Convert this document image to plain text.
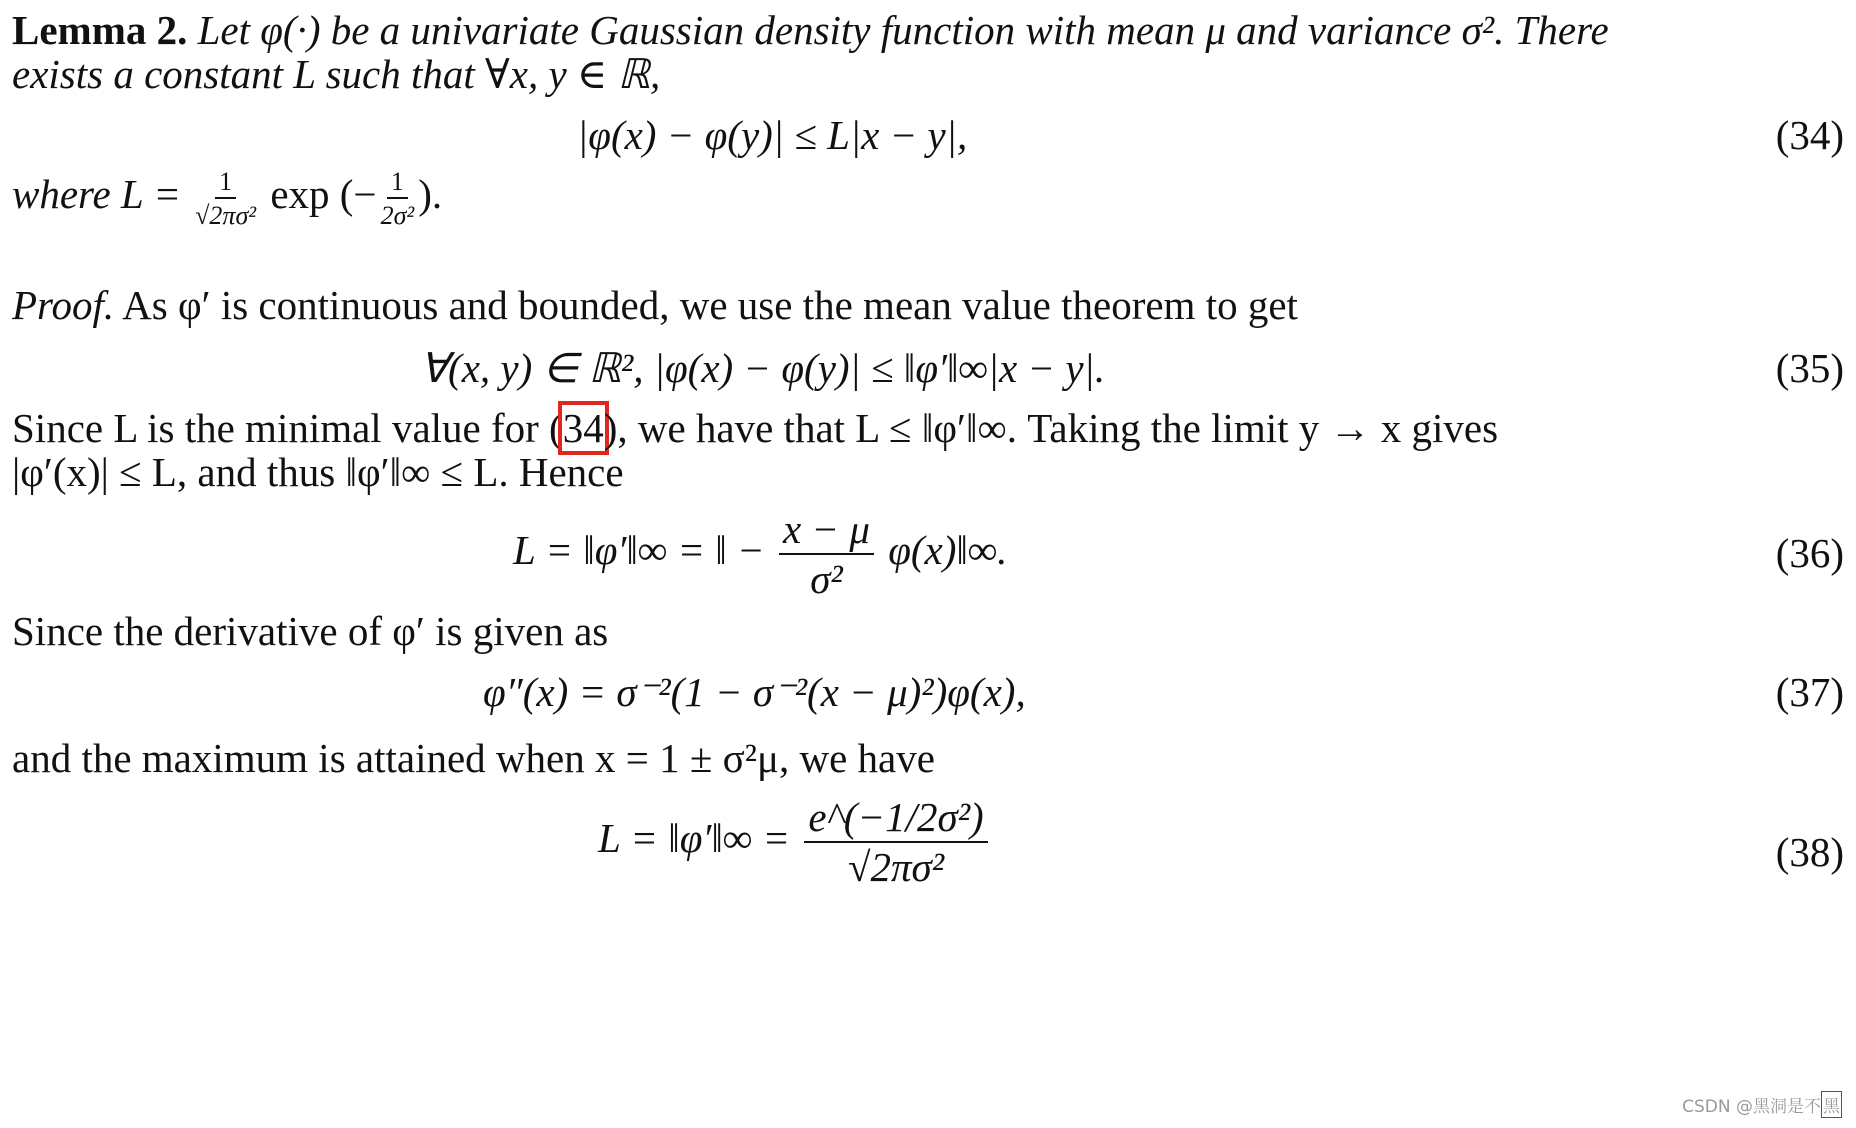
Lemma 2. Let φ(·) be a univariate Gaussian density function with mean μ and variance σ². There
exists a constant L such that ∀x, y ∈ ℝ,
|φ(x) − φ(y)| ≤ L|x − y|,	(34)
where $L = \frac{1}{\text{√2πσ²}}$ exp (− $\frac{1}{\text{2σ²}}$ ).
Proof. As φ′ is continuous and bounded, we use the mean value theorem to get
∀(x, y) ∈ ℝ², |φ(x) − φ(y)| ≤ ‖φ′‖∞|x − y|.	(35)
Since L is the minimal value for (34), we have that L ≤ ‖φ′‖∞. Taking the limit y → x gives
|φ′(x)| ≤ L, and thus ‖φ′‖∞ ≤ L. Hence
L = ‖φ′‖∞ = ‖ − $\frac{x - \mu}{\text{σ²}}$ φ(x)‖∞.	(36)
Since the derivative of φ′ is given as
φ″(x) = σ⁻²(1 − σ⁻²(x − μ)²)φ(x),	(37)
and the maximum is attained when x = 1 ± σ²μ, we have
L = ‖φ′‖∞ = $\frac{\text{e\textasciicircum{}(−1/2σ²)}}{\text{√2πσ²}}$	(38)
CSDN @黑洞是不 黑
